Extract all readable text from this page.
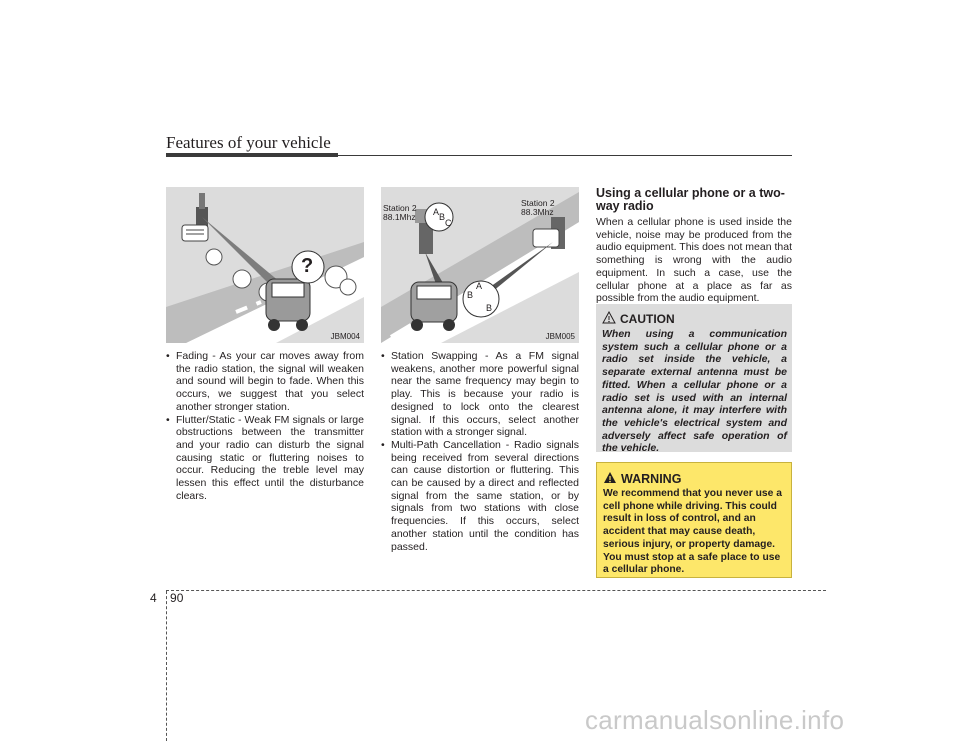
Features of your vehicle
?
JBM004
Station 2
88.1Mhz
Station 2
88.3Mhz
A B
C
A
B
B
JBM005
• Fading - As your car moves away from the radio station, the signal will weaken and sound will begin to fade. When this occurs, we suggest that you select another stronger station.
• Flutter/Static - Weak FM signals or large obstructions between the transmitter and your radio can disturb the signal causing static or fluttering noises to occur. Reducing the treble level may lessen this effect until the disturbance clears.
• Station Swapping - As a FM signal weakens, another more powerful signal near the same frequency may begin to play. This is because your radio is designed to lock onto the clearest signal. If this occurs, select another station with a stronger signal.
• Multi-Path Cancellation - Radio signals being received from several directions can cause distortion or fluttering. This can be caused by a direct and reflected signal from the same station, or by signals from two stations with close frequencies. If this occurs, select another station until the condition has passed.
Using a cellular phone or a two-way radio
When a cellular phone is used inside the vehicle, noise may be produced from the audio equipment. This does not mean that something is wrong with the audio equipment. In such a case, use the cellular phone at a place as far as possible from the audio equipment.
CAUTION
When using a communication system such a cellular phone or a radio set inside the vehicle, a separate external antenna must be fitted. When a cellular phone or a radio set is used with an internal antenna alone, it may interfere with the vehicle's electrical system and adversely affect safe operation of the vehicle.
WARNING
We recommend that you never use a cell phone while driving. This could result in loss of control, and an accident that may cause death, serious injury, or property damage. You must stop at a safe place to use a cellular phone.
4 90
carmanualsonline.info
